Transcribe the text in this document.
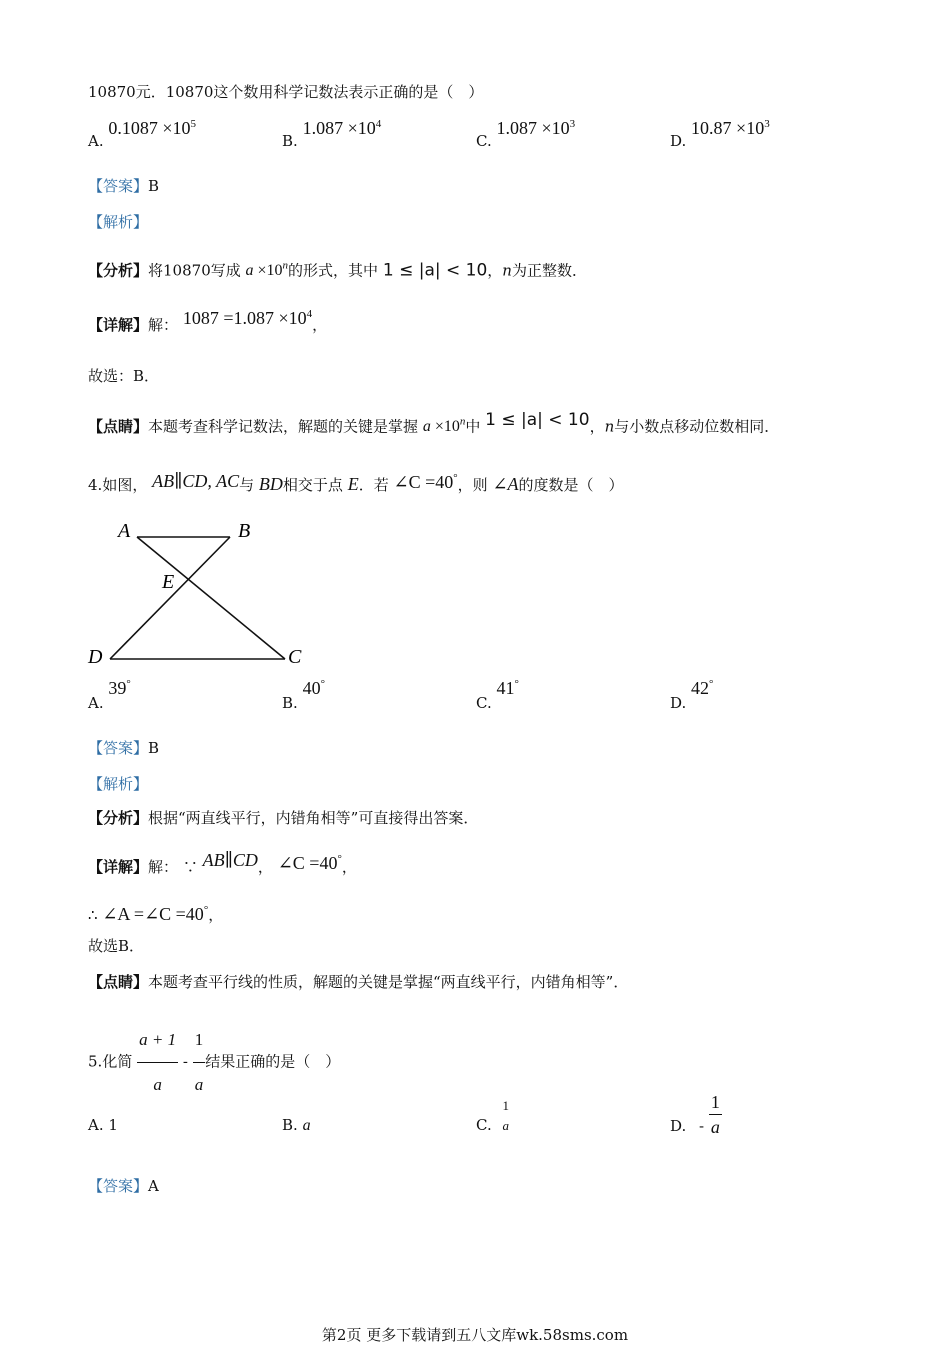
10870元．10870这个数用科学记数法表示正确的是（　）
A. $0.1087 \times 10^5$
B. $1.087 \times 10^4$
C. $1.087 \times 10^3$
D. $10.87 \times 10^3$
【答案】B
【解析】
【分析】将10870写成 $a \times 10^n$的形式，其中 1 ≤ |a| < 10，n为正整数．
【详解】解： $1087 =1.087 \times 10^4$，
故选：B．
【点睛】本题考查科学记数法，解题的关键是掌握 $a \times 10^n$中 1 ≤ |a| < 10，n与小数点移动位数相同．
4.如图， AB∥CD, AC与 BD相交于点 E．若 ∠C =40°，则 ∠A的度数是（　）
A	B
E
D	C
A. 39°
B. 40°
C. 41°
D. 42°
【答案】B
【解析】
【分析】根据“两直线平行，内错角相等”可直接得出答案．
【详解】解： ∵ AB∥CD， ∠C =40°，
∴ ∠A =∠C =40°，
故选B．
【点睛】本题考查平行线的性质，解题的关键是掌握“两直线平行，内错角相等”．
5.化简 $\frac{a + 1}{a} - \frac{1}{a}$ 结果正确的是（　）
A. 1	B. a	C.
1
a	D. - $\frac{1}{a}$
【答案】A
第2页 更多下载请到五八文库wk.58sms.com
